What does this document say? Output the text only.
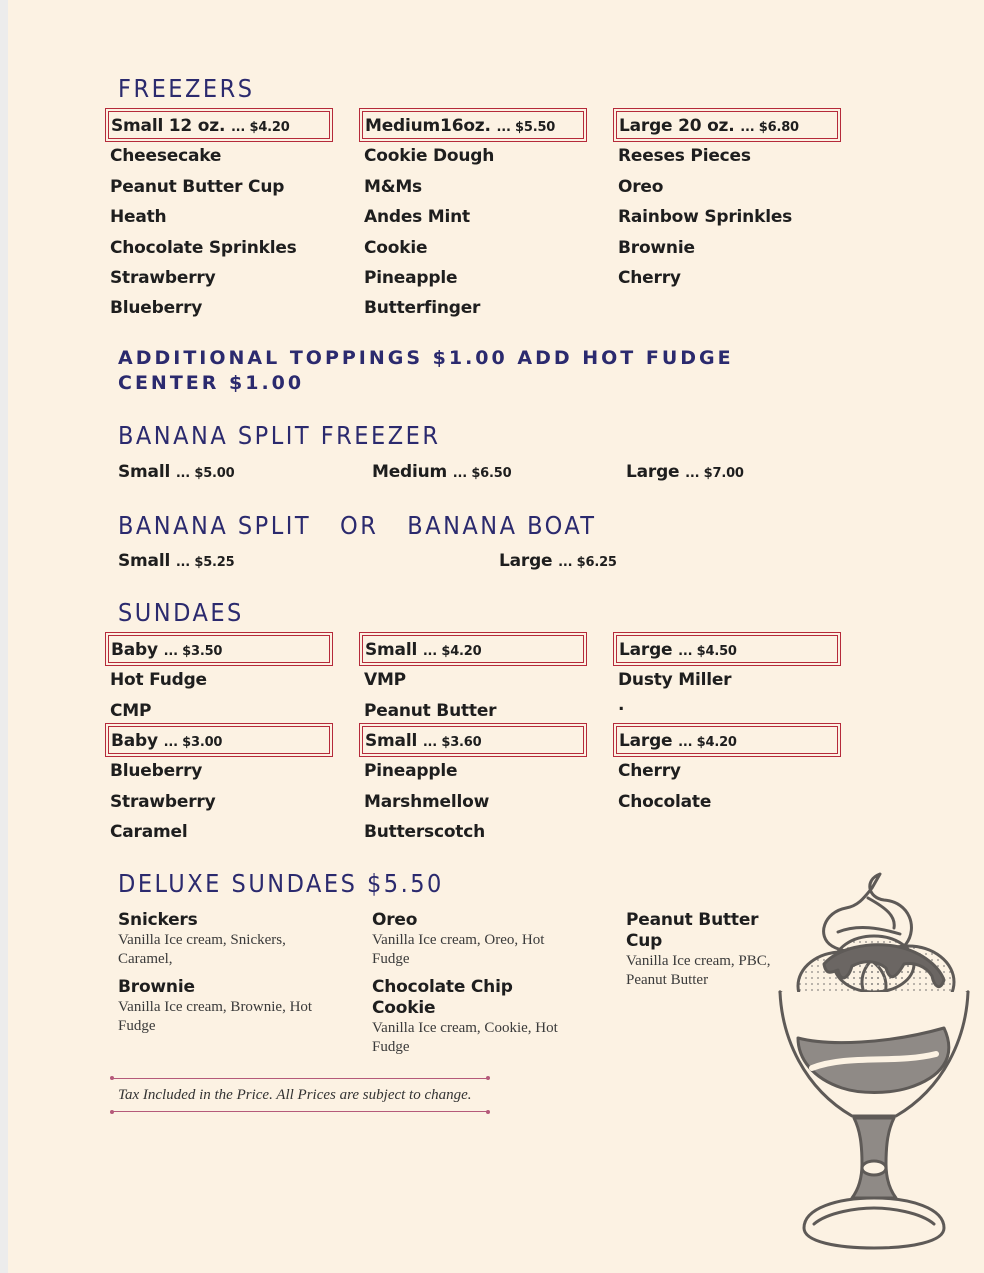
FREEZERS
Small 12 oz. ... $4.20
Cheesecake
Peanut Butter Cup
Heath
Chocolate Sprinkles
Strawberry
Blueberry
Medium16oz. ... $5.50
Cookie Dough
M&Ms
Andes Mint
Cookie
Pineapple
Butterfinger
Large 20 oz. ... $6.80
Reeses Pieces
Oreo
Rainbow Sprinkles
Brownie
Cherry
ADDITIONAL TOPPINGS $1.00 ADD HOT FUDGE CENTER $1.00
BANANA SPLIT FREEZER
Small ... $5.00	Medium ... $6.50	Large ... $7.00
BANANA SPLIT   OR   BANANA BOAT
Small ... $5.25	Large ... $6.25
SUNDAES
Baby ... $3.50
Hot Fudge
CMP
Small ... $4.20
VMP
Peanut Butter
Large ... $4.50
Dusty Miller
.
Baby ... $3.00
Blueberry
Strawberry
Caramel
Small ... $3.60
Pineapple
Marshmellow
Butterscotch
Large ... $4.20
Cherry
Chocolate
DELUXE SUNDAES $5.50
Snickers
Vanilla Ice cream, Snickers, Caramel,
Brownie
Vanilla Ice cream, Brownie, Hot Fudge
Oreo
Vanilla Ice cream, Oreo, Hot Fudge
Chocolate Chip Cookie
Vanilla Ice cream, Cookie, Hot Fudge
Peanut Butter Cup
Vanilla Ice cream, PBC, Peanut Butter
Tax Included in the Price. All Prices are subject to change.
